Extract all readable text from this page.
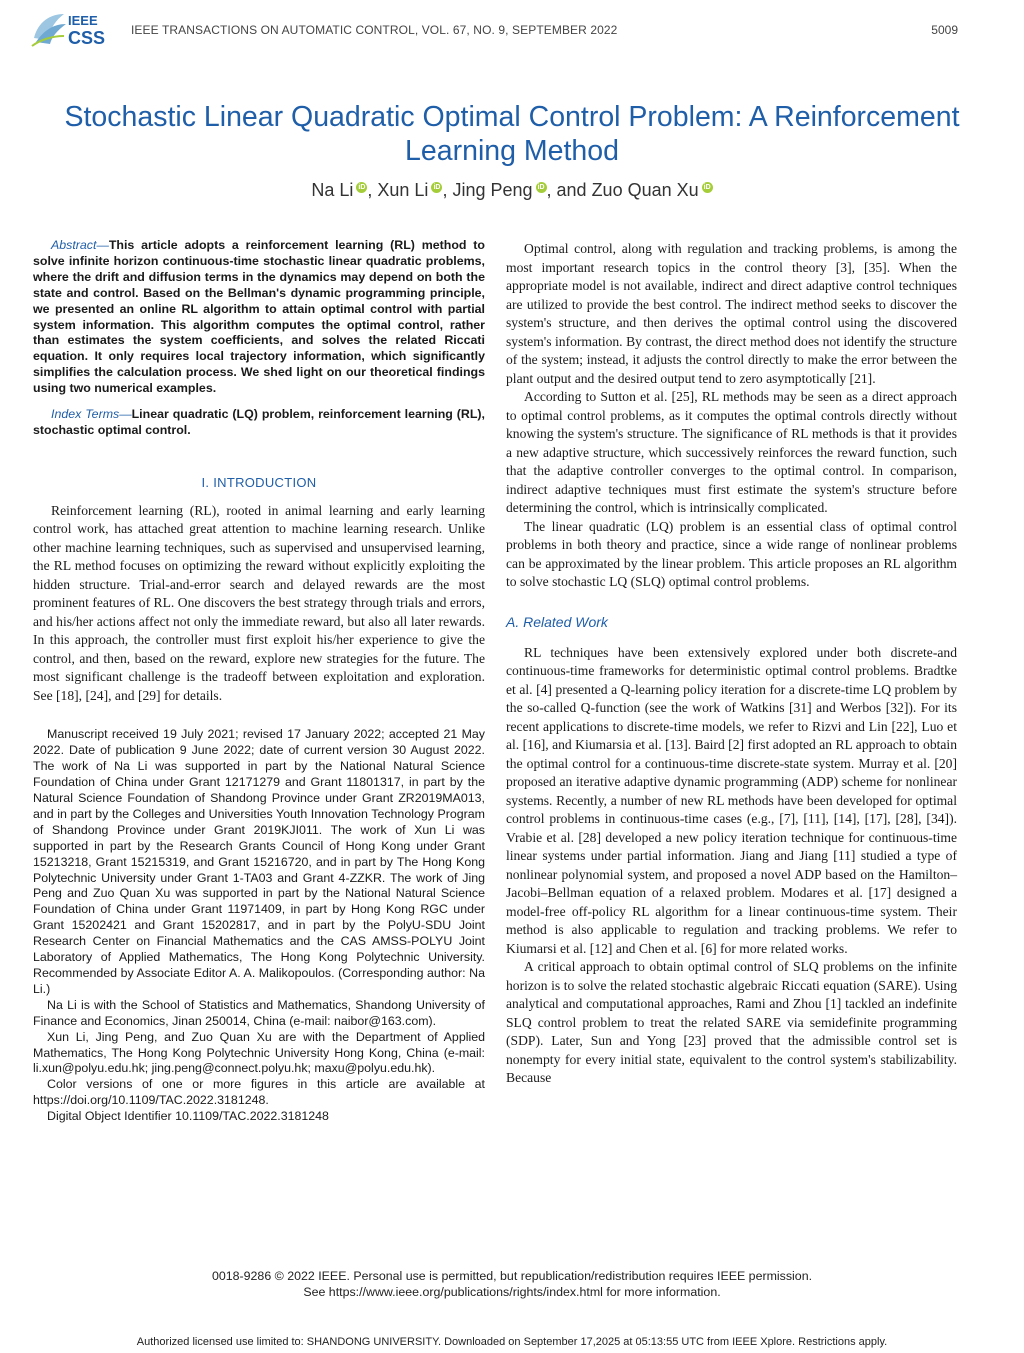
IEEE
CSS IEEE TRANSACTIONS ON AUTOMATIC CONTROL, VOL. 67, NO. 9, SEPTEMBER 2022	5009
Stochastic Linear Quadratic Optimal Control Problem: A Reinforcement Learning Method
Na Li iD , Xun Li iD , Jing Peng iD , and Zuo Quan Xu iD

Abstract—This article adopts a reinforcement learning (RL) method to solve infinite horizon continuous-time stochastic linear quadratic problems, where the drift and diffusion terms in the dynamics may depend on both the state and control. Based on the Bellman's dynamic programming principle, we presented an online RL algorithm to attain optimal control with partial system information. This algorithm computes the optimal control, rather than estimates the system coefficients, and solves the related Riccati equation. It only requires local trajectory information, which significantly simplifies the calculation process. We shed light on our theoretical findings using two numerical examples.

Index Terms—Linear quadratic (LQ) problem, reinforcement learning (RL), stochastic optimal control.

I. INTRODUCTION

Reinforcement learning (RL), rooted in animal learning and early learning control work, has attached great attention to machine learning research. Unlike other machine learning techniques, such as supervised and unsupervised learning, the RL method focuses on optimizing the reward without explicitly exploiting the hidden structure. Trial-and-error search and delayed rewards are the most prominent features of RL. One discovers the best strategy through trials and errors, and his/her actions affect not only the immediate reward, but also all later rewards. In this approach, the controller must first exploit his/her experience to give the control, and then, based on the reward, explore new strategies for the future. The most significant challenge is the tradeoff between exploitation and exploration. See [18], [24], and [29] for details.

Manuscript received 19 July 2021; revised 17 January 2022; accepted 21 May 2022. Date of publication 9 June 2022; date of current version 30 August 2022. The work of Na Li was supported in part by the National Natural Science Foundation of China under Grant 12171279 and Grant 11801317, in part by the Natural Science Foundation of Shandong Province under Grant ZR2019MA013, and in part by the Colleges and Universities Youth Innovation Technology Program of Shandong Province under Grant 2019KJI011. The work of Xun Li was supported in part by the Research Grants Council of Hong Kong under Grant 15213218, Grant 15215319, and Grant 15216720, and in part by The Hong Kong Polytechnic University under Grant 1-TA03 and Grant 4-ZZKR. The work of Jing Peng and Zuo Quan Xu was supported in part by the National Natural Science Foundation of China under Grant 11971409, in part by Hong Kong RGC under Grant 15202421 and Grant 15202817, and in part by the PolyU-SDU Joint Research Center on Financial Mathematics and the CAS AMSS-POLYU Joint Laboratory of Applied Mathematics, The Hong Kong Polytechnic University. Recommended by Associate Editor A. A. Malikopoulos. (Corresponding author: Na Li.)

Na Li is with the School of Statistics and Mathematics, Shandong University of Finance and Economics, Jinan 250014, China (e-mail: naibor@163.com).

Xun Li, Jing Peng, and Zuo Quan Xu are with the Department of Applied Mathematics, The Hong Kong Polytechnic University Hong Kong, China (e-mail: li.xun@polyu.edu.hk; jing.peng@connect.polyu.hk; maxu@polyu.edu.hk).

Color versions of one or more figures in this article are available at https://doi.org/10.1109/TAC.2022.3181248.

Digital Object Identifier 10.1109/TAC.2022.3181248

Optimal control, along with regulation and tracking problems, is among the most important research topics in the control theory [3], [35]. When the appropriate model is not available, indirect and direct adaptive control techniques are utilized to provide the best control. The indirect method seeks to discover the system's structure, and then derives the optimal control using the discovered system's information. By contrast, the direct method does not identify the structure of the system; instead, it adjusts the control directly to make the error between the plant output and the desired output tend to zero asymptotically [21].

According to Sutton et al. [25], RL methods may be seen as a direct approach to optimal control problems, as it computes the optimal controls directly without knowing the system's structure. The significance of RL methods is that it provides a new adaptive structure, which successively reinforces the reward function, such that the adaptive controller converges to the optimal control. In comparison, indirect adaptive techniques must first estimate the system's structure before determining the control, which is intrinsically complicated.

The linear quadratic (LQ) problem is an essential class of optimal control problems in both theory and practice, since a wide range of nonlinear problems can be approximated by the linear problem. This article proposes an RL algorithm to solve stochastic LQ (SLQ) optimal control problems.

A. Related Work

RL techniques have been extensively explored under both discrete-and continuous-time frameworks for deterministic optimal control problems. Bradtke et al. [4] presented a Q-learning policy iteration for a discrete-time LQ problem by the so-called Q-function (see the work of Watkins [31] and Werbos [32]). For its recent applications to discrete-time models, we refer to Rizvi and Lin [22], Luo et al. [16], and Kiumarsia et al. [13]. Baird [2] first adopted an RL approach to obtain the optimal control for a continuous-time discrete-state system. Murray et al. [20] proposed an iterative adaptive dynamic programming (ADP) scheme for nonlinear systems. Recently, a number of new RL methods have been developed for optimal control problems in continuous-time cases (e.g., [7], [11], [14], [17], [28], [34]). Vrabie et al. [28] developed a new policy iteration technique for continuous-time linear systems under partial information. Jiang and Jiang [11] studied a type of nonlinear polynomial system, and proposed a novel ADP based on the Hamilton–Jacobi–Bellman equation of a relaxed problem. Modares et al. [17] designed a model-free off-policy RL algorithm for a linear continuous-time system. Their method is also applicable to regulation and tracking problems. We refer to Kiumarsi et al. [12] and Chen et al. [6] for more related works.

A critical approach to obtain optimal control of SLQ problems on the infinite horizon is to solve the related stochastic algebraic Riccati equation (SARE). Using analytical and computational approaches, Rami and Zhou [1] tackled an indefinite SLQ control problem to treat the related SARE via semidefinite programming (SDP). Later, Sun and Yong [23] proved that the admissible control set is nonempty for every initial state, equivalent to the control system's stabilizability. Because

0018-9286 © 2022 IEEE. Personal use is permitted, but republication/redistribution requires IEEE permission.
See https://www.ieee.org/publications/rights/index.html for more information.
Authorized licensed use limited to: SHANDONG UNIVERSITY. Downloaded on September 17,2025 at 05:13:55 UTC from IEEE Xplore. Restrictions apply.
